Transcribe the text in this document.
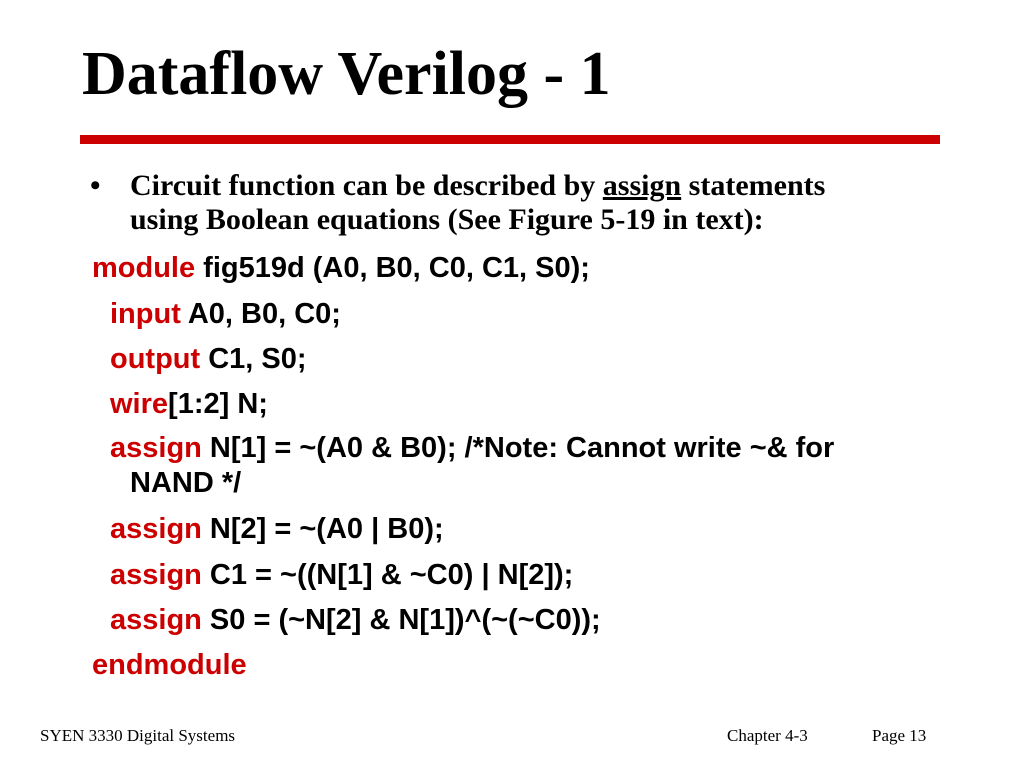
Dataflow Verilog - 1
• Circuit function can be described by assign statements
using Boolean equations (See Figure 5-19 in text):
module fig519d (A0, B0, C0, C1, S0);
input A0, B0, C0;
output C1, S0;
wire[1:2] N;
assign N[1] = ~(A0 & B0); /*Note: Cannot write ~& for
NAND */
assign N[2] = ~(A0 | B0);
assign C1 = ~((N[1] & ~C0) | N[2]);
assign S0 = (~N[2] & N[1])^(~(~C0));
endmodule
SYEN 3330 Digital Systems	Chapter 4-3	Page 13
